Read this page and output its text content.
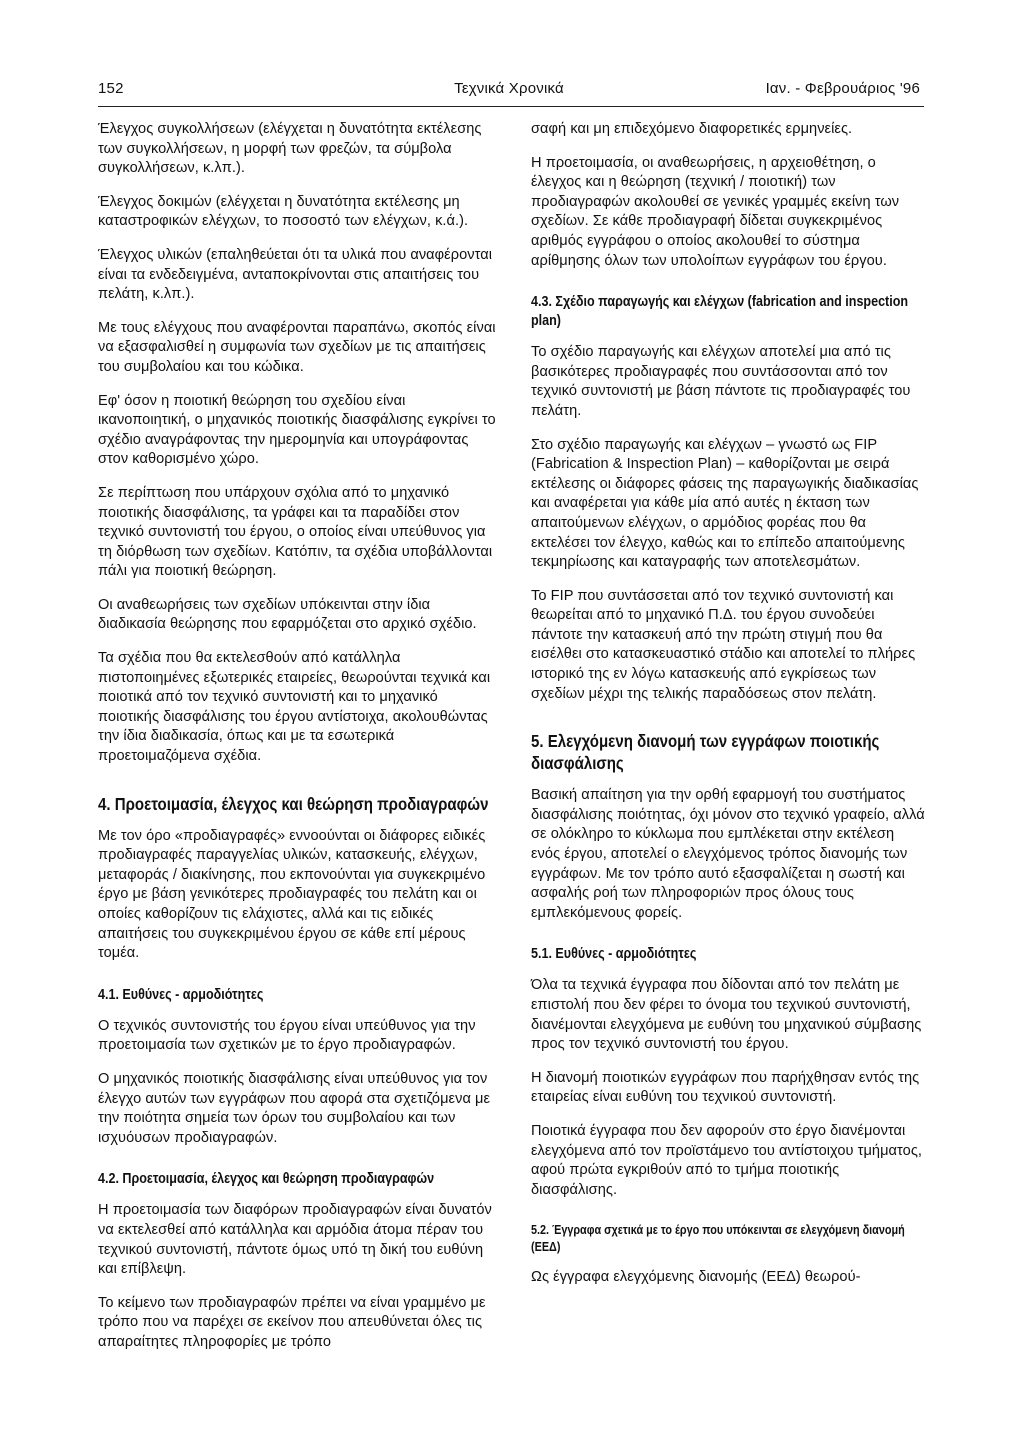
152	Τεχνικά Χρονικά	Ιαν. - Φεβρουάριος '96

Έλεγχος συγκολλήσεων (ελέγχεται η δυνατότητα εκτέλεσης των συγκολλήσεων, η μορφή των φρεζών, τα σύμβολα συγκολλήσεων, κ.λπ.).

Έλεγχος δοκιμών (ελέγχεται η δυνατότητα εκτέλεσης μη καταστροφικών ελέγχων, το ποσοστό των ελέγχων, κ.ά.).

Έλεγχος υλικών (επαληθεύεται ότι τα υλικά που αναφέρονται είναι τα ενδεδειγμένα, ανταποκρίνονται στις απαιτήσεις του πελάτη, κ.λπ.).

Με τους ελέγχους που αναφέρονται παραπάνω, σκοπός είναι να εξασφαλισθεί η συμφωνία των σχεδίων με τις απαιτήσεις του συμβολαίου και του κώδικα.

Εφ' όσον η ποιοτική θεώρηση του σχεδίου είναι ικανοποιητική, ο μηχανικός ποιοτικής διασφάλισης εγκρίνει το σχέδιο αναγράφοντας την ημερομηνία και υπογράφοντας στον καθορισμένο χώρο.

Σε περίπτωση που υπάρχουν σχόλια από το μηχανικό ποιοτικής διασφάλισης, τα γράφει και τα παραδίδει στον τεχνικό συντονιστή του έργου, ο οποίος είναι υπεύθυνος για τη διόρθωση των σχεδίων. Κατόπιν, τα σχέδια υποβάλλονται πάλι για ποιοτική θεώρηση.

Οι αναθεωρήσεις των σχεδίων υπόκεινται στην ίδια διαδικασία θεώρησης που εφαρμόζεται στο αρχικό σχέδιο.

Τα σχέδια που θα εκτελεσθούν από κατάλληλα πιστοποιημένες εξωτερικές εταιρείες, θεωρούνται τεχνικά και ποιοτικά από τον τεχνικό συντονιστή και το μηχανικό ποιοτικής διασφάλισης του έργου αντίστοιχα, ακολουθώντας την ίδια διαδικασία, όπως και με τα εσωτερικά προετοιμαζόμενα σχέδια.

4. Προετοιμασία, έλεγχος και θεώρηση προδιαγραφών

Με τον όρο «προδιαγραφές» εννοούνται οι διάφορες ειδικές προδιαγραφές παραγγελίας υλικών, κατασκευής, ελέγχων, μεταφοράς / διακίνησης, που εκπονούνται για συγκεκριμένο έργο με βάση γενικότερες προδιαγραφές του πελάτη και οι οποίες καθορίζουν τις ελάχιστες, αλλά και τις ειδικές απαιτήσεις του συγκεκριμένου έργου σε κάθε επί μέρους τομέα.

4.1. Ευθύνες - αρμοδιότητες

Ο τεχνικός συντονιστής του έργου είναι υπεύθυνος για την προετοιμασία των σχετικών με το έργο προδιαγραφών.

Ο μηχανικός ποιοτικής διασφάλισης είναι υπεύθυνος για τον έλεγχο αυτών των εγγράφων που αφορά στα σχετιζόμενα με την ποιότητα σημεία των όρων του συμβολαίου και των ισχυόυσων προδιαγραφών.

4.2. Προετοιμασία, έλεγχος και θεώρηση προδιαγραφών

Η προετοιμασία των διαφόρων προδιαγραφών είναι δυνατόν να εκτελεσθεί από κατάλληλα και αρμόδια άτομα πέραν του τεχνικού συντονιστή, πάντοτε όμως υπό τη δική του ευθύνη και επίβλεψη.

Το κείμενο των προδιαγραφών πρέπει να είναι γραμμένο με τρόπο που να παρέχει σε εκείνον που απευθύνεται όλες τις απαραίτητες πληροφορίες με τρόπο

σαφή και μη επιδεχόμενο διαφορετικές ερμηνείες.

Η προετοιμασία, οι αναθεωρήσεις, η αρχειοθέτηση, ο έλεγχος και η θεώρηση (τεχνική / ποιοτική) των προδιαγραφών ακολουθεί σε γενικές γραμμές εκείνη των σχεδίων. Σε κάθε προδιαγραφή δίδεται συγκεκριμένος αριθμός εγγράφου ο οποίος ακολουθεί το σύστημα αρίθμησης όλων των υπολοίπων εγγράφων του έργου.

4.3. Σχέδιο παραγωγής και ελέγχων (fabrication and inspection plan)

Το σχέδιο παραγωγής και ελέγχων αποτελεί μια από τις βασικότερες προδιαγραφές που συντάσσονται από τον τεχνικό συντονιστή με βάση πάντοτε τις προδιαγραφές του πελάτη.

Στο σχέδιο παραγωγής και ελέγχων – γνωστό ως FIP (Fabrication & Inspection Plan) – καθορίζονται με σειρά εκτέλεσης οι διάφορες φάσεις της παραγωγικής διαδικασίας και αναφέρεται για κάθε μία από αυτές η έκταση των απαιτούμενων ελέγχων, ο αρμόδιος φορέας που θα εκτελέσει τον έλεγχο, καθώς και το επίπεδο απαιτούμενης τεκμηρίωσης και καταγραφής των αποτελεσμάτων.

Το FIP που συντάσσεται από τον τεχνικό συντονιστή και θεωρείται από το μηχανικό Π.Δ. του έργου συνοδεύει πάντοτε την κατασκευή από την πρώτη στιγμή που θα εισέλθει στο κατασκευαστικό στάδιο και αποτελεί το πλήρες ιστορικό της εν λόγω κατασκευής από εγκρίσεως των σχεδίων μέχρι της τελικής παραδόσεως στον πελάτη.

5. Ελεγχόμενη διανομή των εγγράφων ποιοτικής διασφάλισης

Βασική απαίτηση για την ορθή εφαρμογή του συστήματος διασφάλισης ποιότητας, όχι μόνον στο τεχνικό γραφείο, αλλά σε ολόκληρο το κύκλωμα που εμπλέκεται στην εκτέλεση ενός έργου, αποτελεί ο ελεγχόμενος τρόπος διανομής των εγγράφων. Με τον τρόπο αυτό εξασφαλίζεται η σωστή και ασφαλής ροή των πληροφοριών προς όλους τους εμπλεκόμενους φορείς.

5.1. Ευθύνες - αρμοδιότητες

Όλα τα τεχνικά έγγραφα που δίδονται από τον πελάτη με επιστολή που δεν φέρει το όνομα του τεχνικού συντονιστή, διανέμονται ελεγχόμενα με ευθύνη του μηχανικού σύμβασης προς τον τεχνικό συντονιστή του έργου.

Η διανομή ποιοτικών εγγράφων που παρήχθησαν εντός της εταιρείας είναι ευθύνη του τεχνικού συντονιστή.

Ποιοτικά έγγραφα που δεν αφορούν στο έργο διανέμονται ελεγχόμενα από τον προϊστάμενο του αντίστοιχου τμήματος, αφού πρώτα εγκριθούν από το τμήμα ποιοτικής διασφάλισης.

5.2. Έγγραφα σχετικά με το έργο που υπόκεινται σε ελεγχόμενη διανομή (ΕΕΔ)

Ως έγγραφα ελεγχόμενης διανομής (ΕΕΔ) θεωρού-
